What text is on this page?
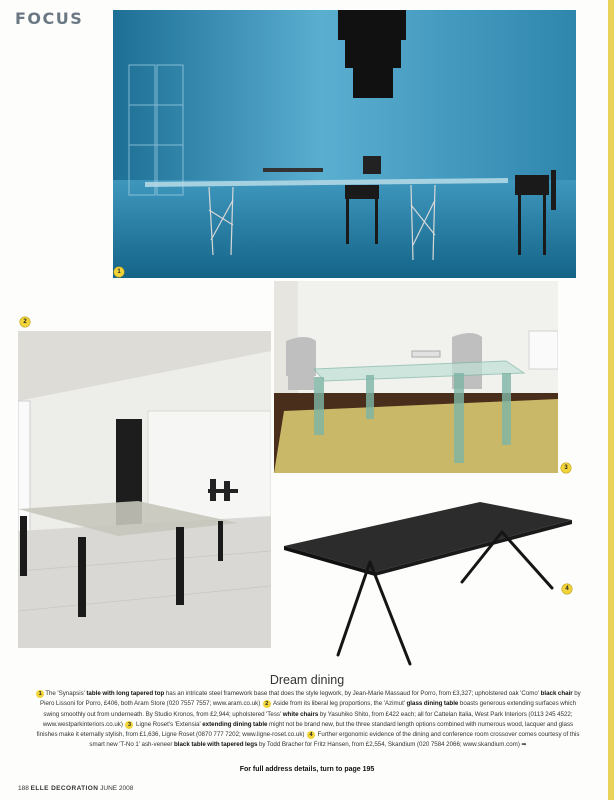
FOCUS
1
3
2
4
Dream dining
1 The 'Synapsis' table with long tapered top has an intricate steel framework base that does the style legwork, by Jean-Marie Massaud for Porro, from £3,327; upholstered oak 'Como' black chair by Piero Lissoni for Porro, £406, both Aram Store (020 7557 7557; www.aram.co.uk) 2 Aside from its liberal leg proportions, the 'Azimut' glass dining table boasts generous extending surfaces which swing smoothly out from underneath. By Studio Kronos, from £2,944; upholstered 'Tess' white chairs by Yasuhiko Shito, from £422 each; all for Cattelan Italia, West Park Interiors (0113 245 4522; www.westparkinteriors.co.uk) 3 Ligne Roset's 'Extensia' extending dining table might not be brand new, but the three standard length options combined with numerous wood, lacquer and glass finishes make it eternally stylish, from £1,636, Ligne Roset (0870 777 7202; www.ligne-roset.co.uk) 4 Further ergonomic evidence of the dining and conference room crossover comes courtesy of this smart new 'T-No 1' ash-veneer black table with tapered legs by Todd Bracher for Fritz Hansen, from £2,554, Skandium (020 7584 2066; www.skandium.com) ➡
For full address details, turn to page 195
188 ELLE DECORATION JUNE 2008
